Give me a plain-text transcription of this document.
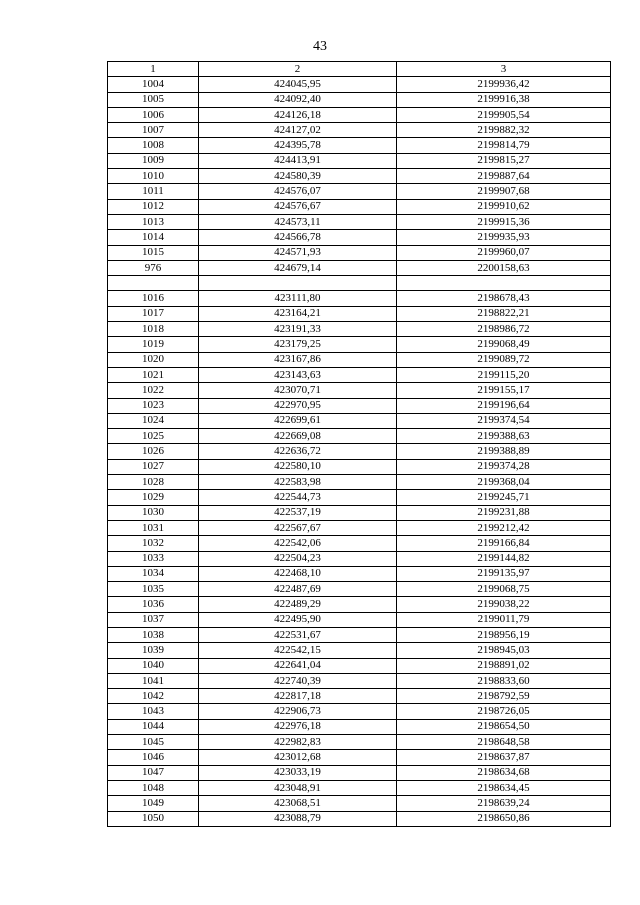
43
1	2	3
1004	424045,95	2199936,42
1005	424092,40	2199916,38
1006	424126,18	2199905,54
1007	424127,02	2199882,32
1008	424395,78	2199814,79
1009	424413,91	2199815,27
1010	424580,39	2199887,64
1011	424576,07	2199907,68
1012	424576,67	2199910,62
1013	424573,11	2199915,36
1014	424566,78	2199935,93
1015	424571,93	2199960,07
976	424679,14	2200158,63

1016	423111,80	2198678,43
1017	423164,21	2198822,21
1018	423191,33	2198986,72
1019	423179,25	2199068,49
1020	423167,86	2199089,72
1021	423143,63	2199115,20
1022	423070,71	2199155,17
1023	422970,95	2199196,64
1024	422699,61	2199374,54
1025	422669,08	2199388,63
1026	422636,72	2199388,89
1027	422580,10	2199374,28
1028	422583,98	2199368,04
1029	422544,73	2199245,71
1030	422537,19	2199231,88
1031	422567,67	2199212,42
1032	422542,06	2199166,84
1033	422504,23	2199144,82
1034	422468,10	2199135,97
1035	422487,69	2199068,75
1036	422489,29	2199038,22
1037	422495,90	2199011,79
1038	422531,67	2198956,19
1039	422542,15	2198945,03
1040	422641,04	2198891,02
1041	422740,39	2198833,60
1042	422817,18	2198792,59
1043	422906,73	2198726,05
1044	422976,18	2198654,50
1045	422982,83	2198648,58
1046	423012,68	2198637,87
1047	423033,19	2198634,68
1048	423048,91	2198634,45
1049	423068,51	2198639,24
1050	423088,79	2198650,86
